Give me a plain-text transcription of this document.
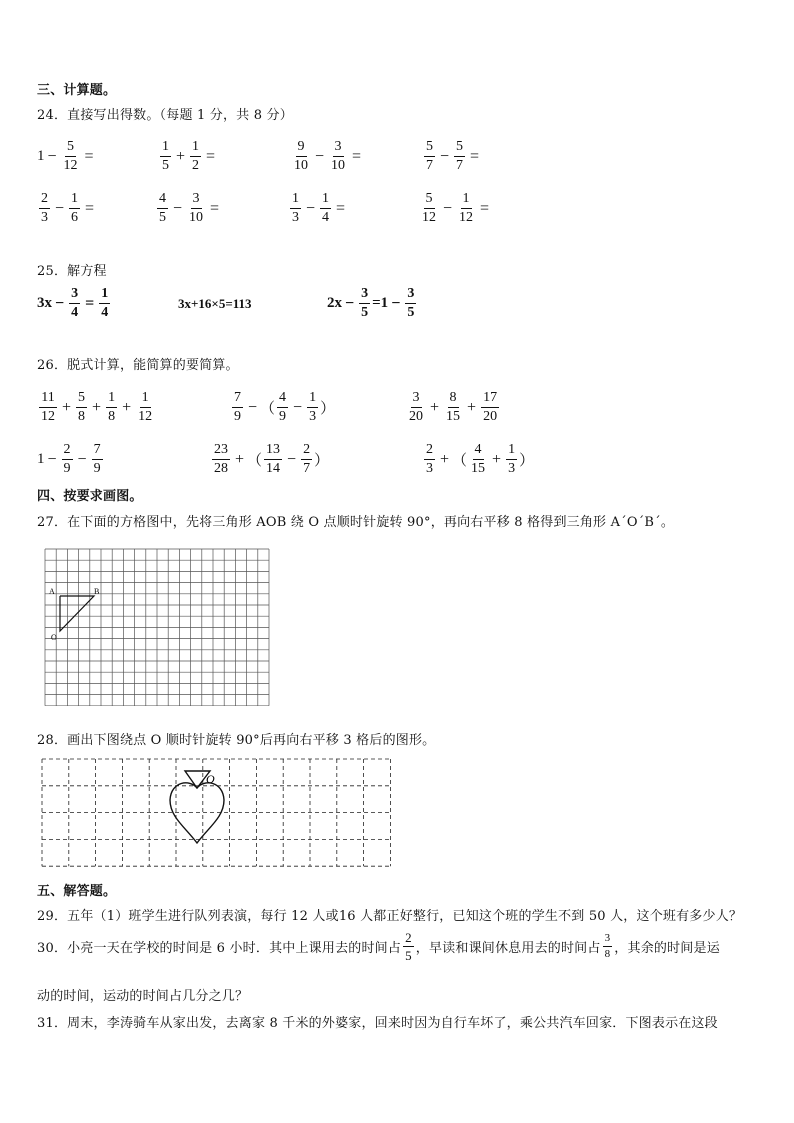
三、计算题。
24．直接写出得数。（每题 1 分，共 8 分）
$1 - \frac{5}{12}$ =	$\frac{1}{5} + \frac{1}{2}$ =	$\frac{9}{10} - \frac{3}{10}$ =	$\frac{5}{7} - \frac{5}{7}$ =
$\frac{2}{3} - \frac{1}{6}$ =	$\frac{4}{5} - \frac{3}{10}$ =	$\frac{1}{3} - \frac{1}{4}$ =	$\frac{5}{12} - \frac{1}{12}$ =
25．解方程
$3x - \frac{3}{4} = \frac{1}{4}$	3x+16×5=113	$2x - \frac{3}{5} =1 - \frac{3}{5}$
26．脱式计算，能简算的要简算。
$\frac{11}{12} + \frac{5}{8} + \frac{1}{8} + \frac{1}{12}$	$\frac{7}{9}$ − （ $\frac{4}{9} - \frac{1}{3}$ ）	$\frac{3}{20} + \frac{8}{15} + \frac{17}{20}$
$1 - \frac{2}{9} - \frac{7}{9}$	$\frac{23}{28}$ + （ $\frac{13}{14} - \frac{2}{7}$ ）	$\frac{2}{3}$ + （ $\frac{4}{15} + \frac{1}{3}$ ）
四、按要求画图。
27．在下面的方格图中，先将三角形 AOB 绕 O 点顺时针旋转 90°，再向右平移 8 格得到三角形 A´O´B´。
A	B
O
28．画出下图绕点 O 顺时针旋转 90°后再向右平移 3 格后的图形。
O
五、解答题。
29．五年（1）班学生进行队列表演，每行 12 人或16 人都正好整行，已知这个班的学生不到 50 人，这个班有多少人？
30．小亮一天在学校的时间是 6 小时．其中上课用去的时间占 $\frac{2}{5}$ ，早读和课间休息用去的时间占 $\frac{3}{8}$ ，其余的时间是运
动的时间，运动的时间占几分之几？
31．周末，李涛骑车从家出发，去离家 8 千米的外婆家，回来时因为自行车坏了，乘公共汽车回家．下图表示在这段
